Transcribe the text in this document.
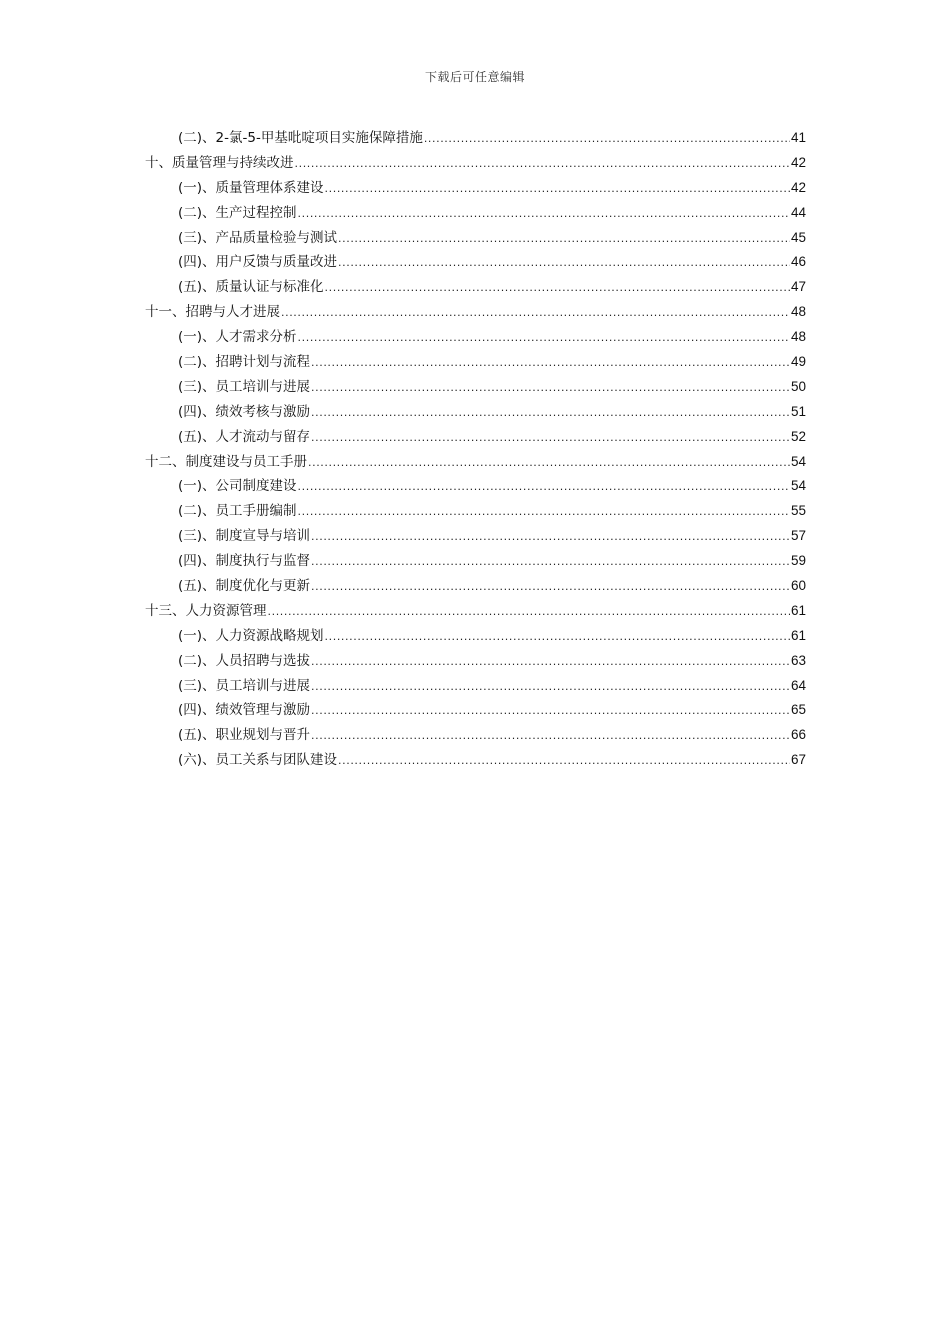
下载后可任意编辑
(二)、2-氯-5-甲基吡啶项目实施保障措施 .....	41
十、质量管理与持续改进 .....	42
(一)、质量管理体系建设 .....	42
(二)、生产过程控制 .....	44
(三)、产品质量检验与测试 .....	45
(四)、用户反馈与质量改进 .....	46
(五)、质量认证与标准化 .....	47
十一、招聘与人才进展 .....	48
(一)、人才需求分析 .....	48
(二)、招聘计划与流程 .....	49
(三)、员工培训与进展 .....	50
(四)、绩效考核与激励 .....	51
(五)、人才流动与留存 .....	52
十二、制度建设与员工手册 .....	54
(一)、公司制度建设 .....	54
(二)、员工手册编制 .....	55
(三)、制度宣导与培训 .....	57
(四)、制度执行与监督 .....	59
(五)、制度优化与更新 .....	60
十三、人力资源管理 .....	61
(一)、人力资源战略规划 .....	61
(二)、人员招聘与选拔 .....	63
(三)、员工培训与进展 .....	64
(四)、绩效管理与激励 .....	65
(五)、职业规划与晋升 .....	66
(六)、员工关系与团队建设 .....	67
